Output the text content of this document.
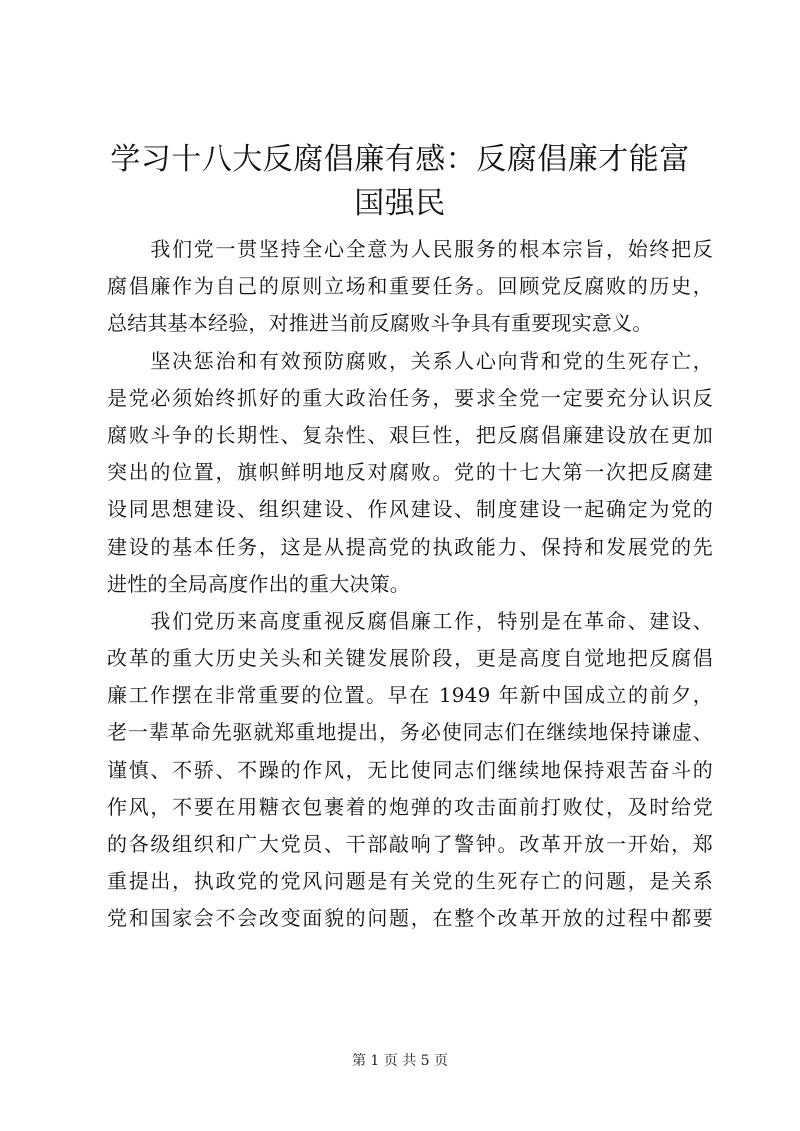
学习十八大反腐倡廉有感：反腐倡廉才能富国强民
　　我们党一贯坚持全心全意为人民服务的根本宗旨，始终把反
腐倡廉作为自己的原则立场和重要任务。回顾党反腐败的历史，
总结其基本经验，对推进当前反腐败斗争具有重要现实意义。
　　坚决惩治和有效预防腐败，关系人心向背和党的生死存亡，
是党必须始终抓好的重大政治任务，要求全党一定要充分认识反
腐败斗争的长期性、复杂性、艰巨性，把反腐倡廉建设放在更加
突出的位置，旗帜鲜明地反对腐败。党的十七大第一次把反腐建
设同思想建设、组织建设、作风建设、制度建设一起确定为党的
建设的基本任务，这是从提高党的执政能力、保持和发展党的先
进性的全局高度作出的重大决策。
　　我们党历来高度重视反腐倡廉工作，特别是在革命、建设、
改革的重大历史关头和关键发展阶段，更是高度自觉地把反腐倡
廉工作摆在非常重要的位置。早在 1949 年新中国成立的前夕，
老一辈革命先驱就郑重地提出，务必使同志们在继续地保持谦虚、
谨慎、不骄、不躁的作风，无比使同志们继续地保持艰苦奋斗的
作风，不要在用糖衣包裹着的炮弹的攻击面前打败仗，及时给党
的各级组织和广大党员、干部敲响了警钟。改革开放一开始，郑
重提出，执政党的党风问题是有关党的生死存亡的问题，是关系
党和国家会不会改变面貌的问题，在整个改革开放的过程中都要
第 1 页 共 5 页
